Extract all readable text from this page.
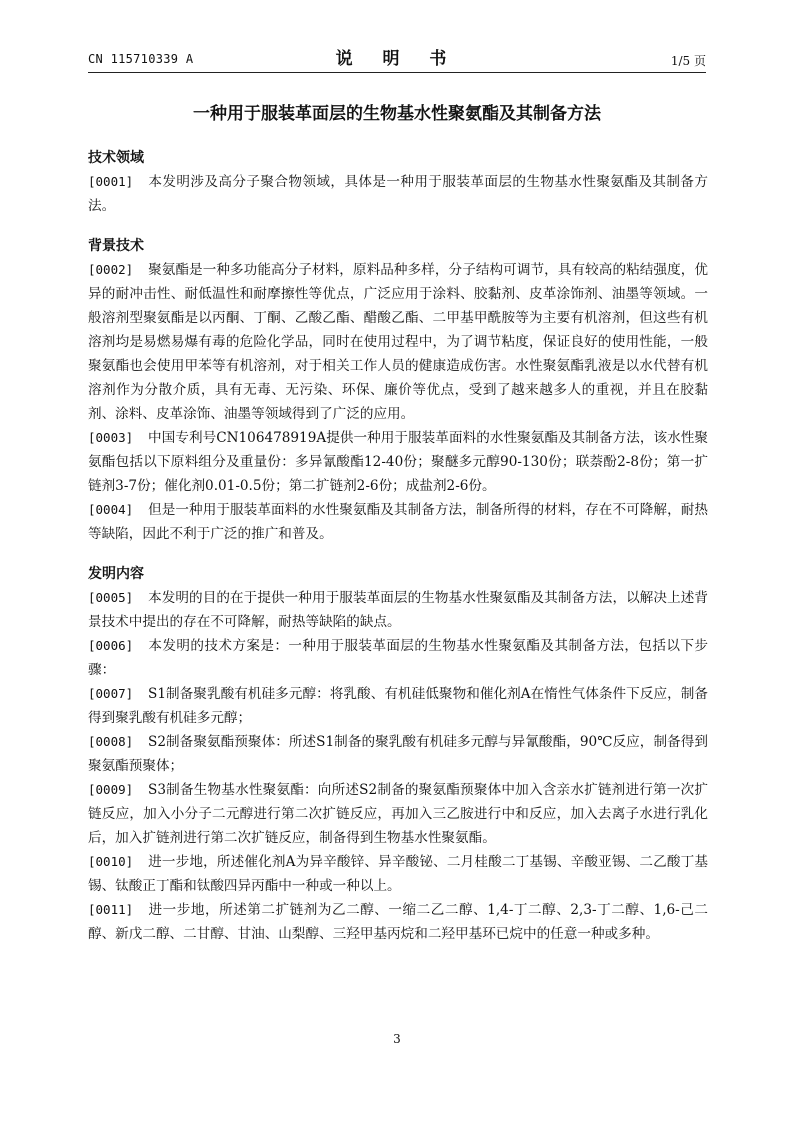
CN 115710339 A	说 明 书	1/5 页
一种用于服装革面层的生物基水性聚氨酯及其制备方法
技术领域
[0001] 本发明涉及高分子聚合物领域，具体是一种用于服装革面层的生物基水性聚氨酯及其制备方法。
背景技术
[0002] 聚氨酯是一种多功能高分子材料，原料品种多样，分子结构可调节，具有较高的粘结强度，优异的耐冲击性、耐低温性和耐摩擦性等优点，广泛应用于涂料、胶黏剂、皮革涂饰剂、油墨等领域。一般溶剂型聚氨酯是以丙酮、丁酮、乙酸乙酯、醋酸乙酯、二甲基甲酰胺等为主要有机溶剂，但这些有机溶剂均是易燃易爆有毒的危险化学品，同时在使用过程中，为了调节粘度，保证良好的使用性能，一般聚氨酯也会使用甲苯等有机溶剂，对于相关工作人员的健康造成伤害。水性聚氨酯乳液是以水代替有机溶剂作为分散介质，具有无毒、无污染、环保、廉价等优点，受到了越来越多人的重视，并且在胶黏剂、涂料、皮革涂饰、油墨等领域得到了广泛的应用。
[0003] 中国专利号CN106478919A提供一种用于服装革面料的水性聚氨酯及其制备方法，该水性聚氨酯包括以下原料组分及重量份：多异氰酸酯12-40份；聚醚多元醇90-130份；联萘酚2-8份；第一扩链剂3-7份；催化剂0.01-0.5份；第二扩链剂2-6份；成盐剂2-6份。
[0004] 但是一种用于服装革面料的水性聚氨酯及其制备方法，制备所得的材料，存在不可降解，耐热等缺陷，因此不利于广泛的推广和普及。
发明内容
[0005] 本发明的目的在于提供一种用于服装革面层的生物基水性聚氨酯及其制备方法，以解决上述背景技术中提出的存在不可降解，耐热等缺陷的缺点。
[0006] 本发明的技术方案是：一种用于服装革面层的生物基水性聚氨酯及其制备方法，包括以下步骤：
[0007] S1制备聚乳酸有机硅多元醇：将乳酸、有机硅低聚物和催化剂A在惰性气体条件下反应，制备得到聚乳酸有机硅多元醇；
[0008] S2制备聚氨酯预聚体：所述S1制备的聚乳酸有机硅多元醇与异氰酸酯，90℃反应，制备得到聚氨酯预聚体；
[0009] S3制备生物基水性聚氨酯：向所述S2制备的聚氨酯预聚体中加入含亲水扩链剂进行第一次扩链反应，加入小分子二元醇进行第二次扩链反应，再加入三乙胺进行中和反应，加入去离子水进行乳化后，加入扩链剂进行第二次扩链反应，制备得到生物基水性聚氨酯。
[0010] 进一步地，所述催化剂A为异辛酸锌、异辛酸铋、二月桂酸二丁基锡、辛酸亚锡、二乙酸丁基锡、钛酸正丁酯和钛酸四异丙酯中一种或一种以上。
[0011] 进一步地，所述第二扩链剂为乙二醇、一缩二乙二醇、1,4-丁二醇、2,3-丁二醇、1,6-己二醇、新戊二醇、二甘醇、甘油、山梨醇、三羟甲基丙烷和二羟甲基环已烷中的任意一种或多种。
3
